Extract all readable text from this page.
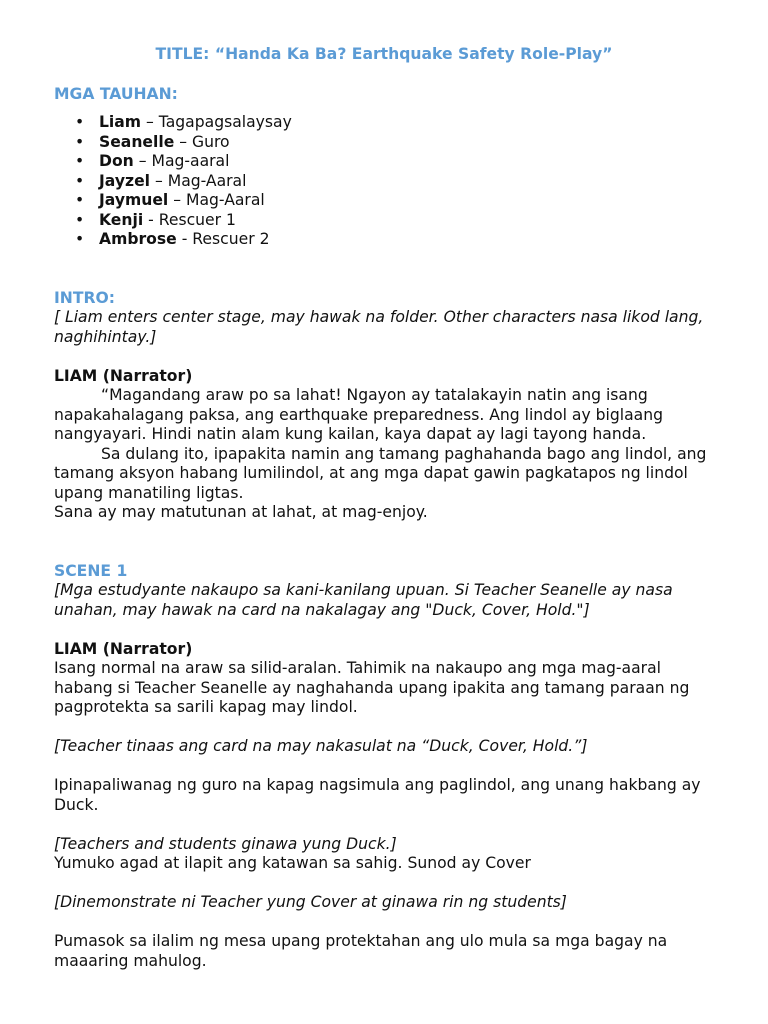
TITLE: “Handa Ka Ba? Earthquake Safety Role-Play”

MGA TAUHAN:

• Liam – Tagapagsalaysay
• Seanelle – Guro
• Don – Mag-aaral
• Jayzel – Mag-Aaral
• Jaymuel – Mag-Aaral
• Kenji - Rescuer 1
• Ambrose - Rescuer 2

INTRO:

[ Liam enters center stage, may hawak na folder. Other characters nasa likod lang, naghihintay.]

LIAM (Narrator)

“Magandang araw po sa lahat! Ngayon ay tatalakayin natin ang isang napakahalagang paksa, ang earthquake preparedness. Ang lindol ay biglaang nangyayari. Hindi natin alam kung kailan, kaya dapat ay lagi tayong handa.

Sa dulang ito, ipapakita namin ang tamang paghahanda bago ang lindol, ang tamang aksyon habang lumilindol, at ang mga dapat gawin pagkatapos ng lindol upang manatiling ligtas.

Sana ay may matutunan at lahat, at mag-enjoy.

SCENE 1

[Mga estudyante nakaupo sa kani-kanilang upuan. Si Teacher Seanelle ay nasa unahan, may hawak na card na nakalagay ang "Duck, Cover, Hold."]

LIAM (Narrator)

Isang normal na araw sa silid-aralan. Tahimik na nakaupo ang mga mag-aaral habang si Teacher Seanelle ay naghahanda upang ipakita ang tamang paraan ng pagprotekta sa sarili kapag may lindol.

[Teacher tinaas ang card na may nakasulat na “Duck, Cover, Hold.”]

Ipinapaliwanag ng guro na kapag nagsimula ang paglindol, ang unang hakbang ay Duck.

[Teachers and students ginawa yung Duck.]

Yumuko agad at ilapit ang katawan sa sahig. Sunod ay Cover

[Dinemonstrate ni Teacher yung Cover at ginawa rin ng students]

Pumasok sa ilalim ng mesa upang protektahan ang ulo mula sa mga bagay na maaaring mahulog.
